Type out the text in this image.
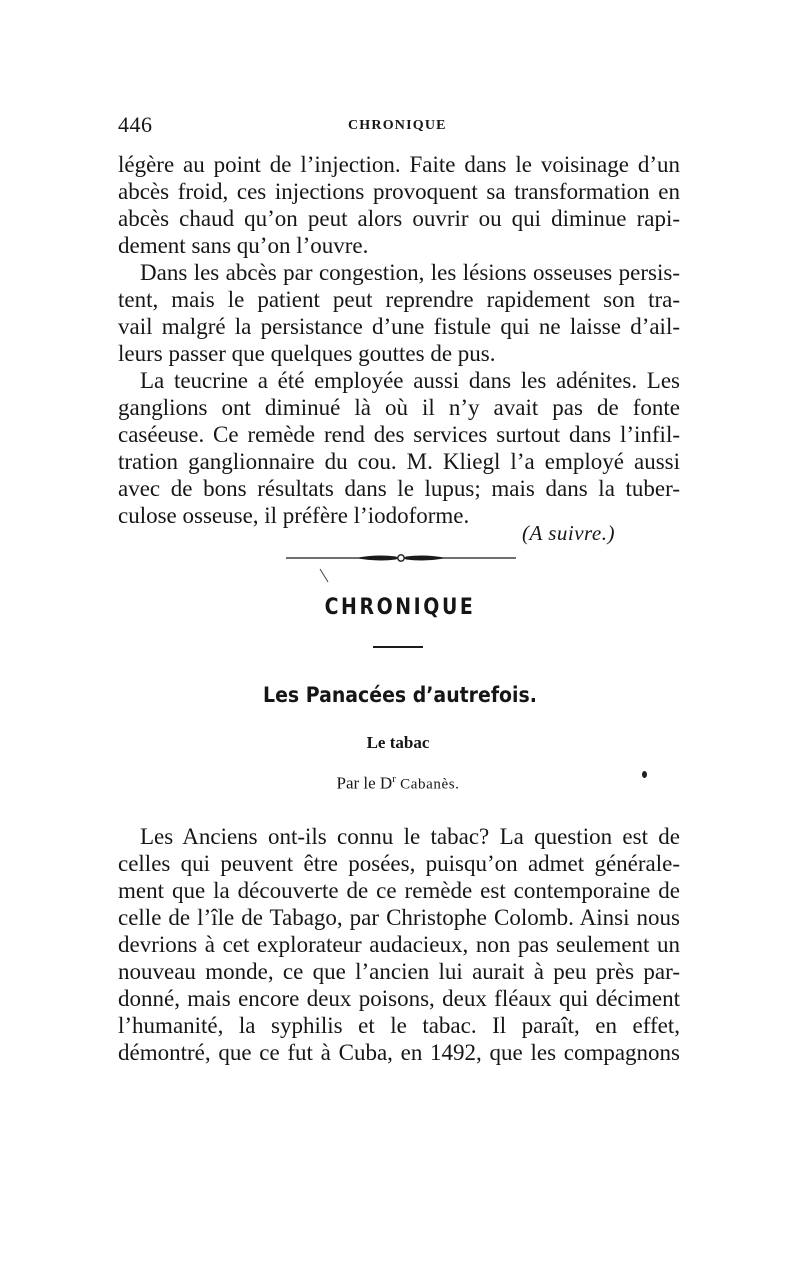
446	CHRONIQUE
légère au point de l’injection. Faite dans le voisinage d’un
abcès froid, ces injections provoquent sa transformation en
abcès chaud qu’on peut alors ouvrir ou qui diminue rapi-
dement sans qu’on l’ouvre.
Dans les abcès par congestion, les lésions osseuses persis-
tent, mais le patient peut reprendre rapidement son tra-
vail malgré la persistance d’une fistule qui ne laisse d’ail-
leurs passer que quelques gouttes de pus.
La teucrine a été employée aussi dans les adénites. Les
ganglions ont diminué là où il n’y avait pas de fonte
caséeuse. Ce remède rend des services surtout dans l’infil-
tration ganglionnaire du cou. M. Kliegl l’a employé aussi
avec de bons résultats dans le lupus; mais dans la tuber-
culose osseuse, il préfère l’iodoforme.
(A suivre.)
CHRONIQUE
Les Panacées d’autrefois.
Le tabac
Par le $D^r$ Cabanès.
Les Anciens ont-ils connu le tabac? La question est de
celles qui peuvent être posées, puisqu’on admet générale-
ment que la découverte de ce remède est contemporaine de
celle de l’île de Tabago, par Christophe Colomb. Ainsi nous
devrions à cet explorateur audacieux, non pas seulement un
nouveau monde, ce que l’ancien lui aurait à peu près par-
donné, mais encore deux poisons, deux fléaux qui déciment
l’humanité, la syphilis et le tabac. Il paraît, en effet,
démontré, que ce fut à Cuba, en 1492, que les compagnons
